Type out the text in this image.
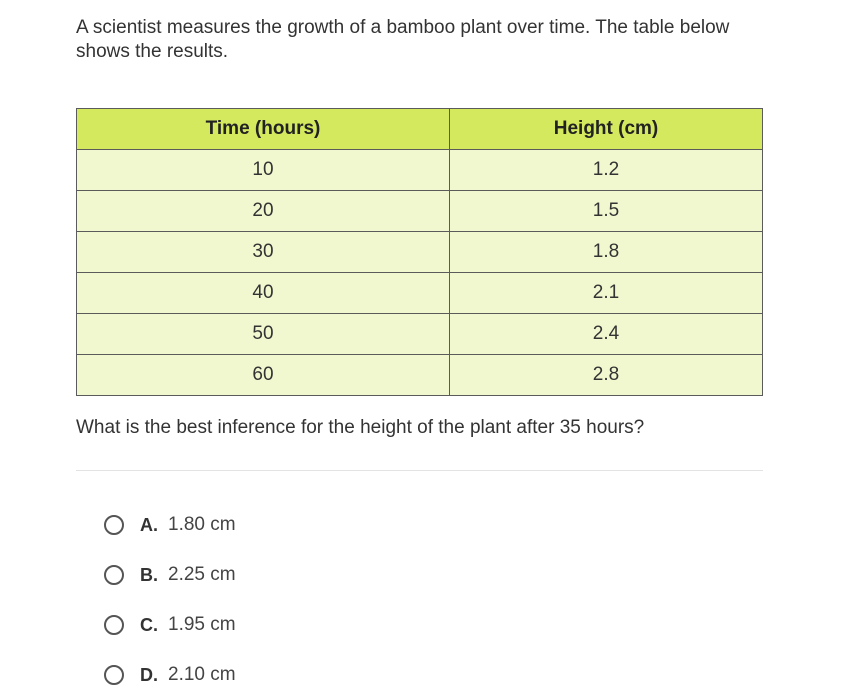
A scientist measures the growth of a bamboo plant over time. The table below shows the results.

Time (hours)	Height (cm)
10	1.2
20	1.5
30	1.8
40	2.1
50	2.4
60	2.8

What is the best inference for the height of the plant after 35 hours?

A. 1.80 cm
B. 2.25 cm
C. 1.95 cm
D. 2.10 cm
